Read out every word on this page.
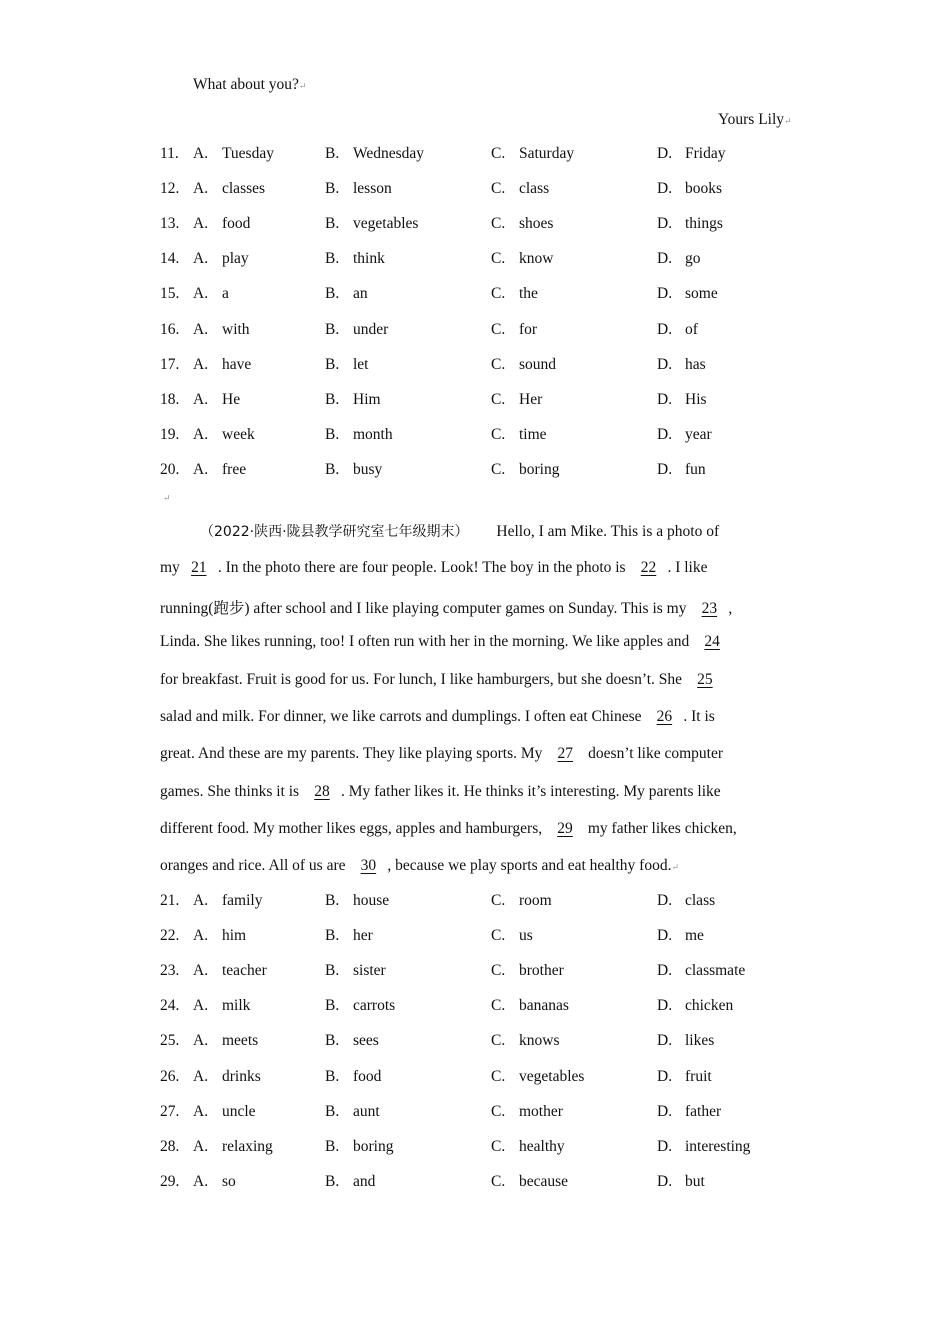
What about you?↵
Yours Lily↵
11. A. Tuesday	B. Wednesday	C. Saturday	D. Friday
12. A. classes	B. lesson	C. class	D. books
13. A. food	B. vegetables	C. shoes	D. things
14. A. play	B. think	C. know	D. go
15. A. a	B. an	C. the	D. some
16. A. with	B. under	C. for	D. of
17. A. have	B. let	C. sound	D. has
18. A. He	B. Him	C. Her	D. His
19. A. week	B. month	C. time	D. year
20. A. free	B. busy	C. boring	D. fun
↵
（2022·陕西·陇县教学研究室七年级期末） Hello, I am Mike. This is a photo of
my 21 . In the photo there are four people. Look! The boy in the photo is 22 . I like
running(跑步) after school and I like playing computer games on Sunday. This is my 23 ,
Linda. She likes running, too! I often run with her in the morning. We like apples and 24
for breakfast. Fruit is good for us. For lunch, I like hamburgers, but she doesn’t. She 25
salad and milk. For dinner, we like carrots and dumplings. I often eat Chinese 26 . It is
great. And these are my parents. They like playing sports. My 27 doesn’t like computer
games. She thinks it is 28 . My father likes it. He thinks it’s interesting. My parents like
different food. My mother likes eggs, apples and hamburgers, 29 my father likes chicken,
oranges and rice. All of us are 30 , because we play sports and eat healthy food.↵
21. A. family	B. house	C. room	D. class
22. A. him	B. her	C. us	D. me
23. A. teacher	B. sister	C. brother	D. classmate
24. A. milk	B. carrots	C. bananas	D. chicken
25. A. meets	B. sees	C. knows	D. likes
26. A. drinks	B. food	C. vegetables	D. fruit
27. A. uncle	B. aunt	C. mother	D. father
28. A. relaxing	B. boring	C. healthy	D. interesting
29. A. so	B. and	C. because	D. but
